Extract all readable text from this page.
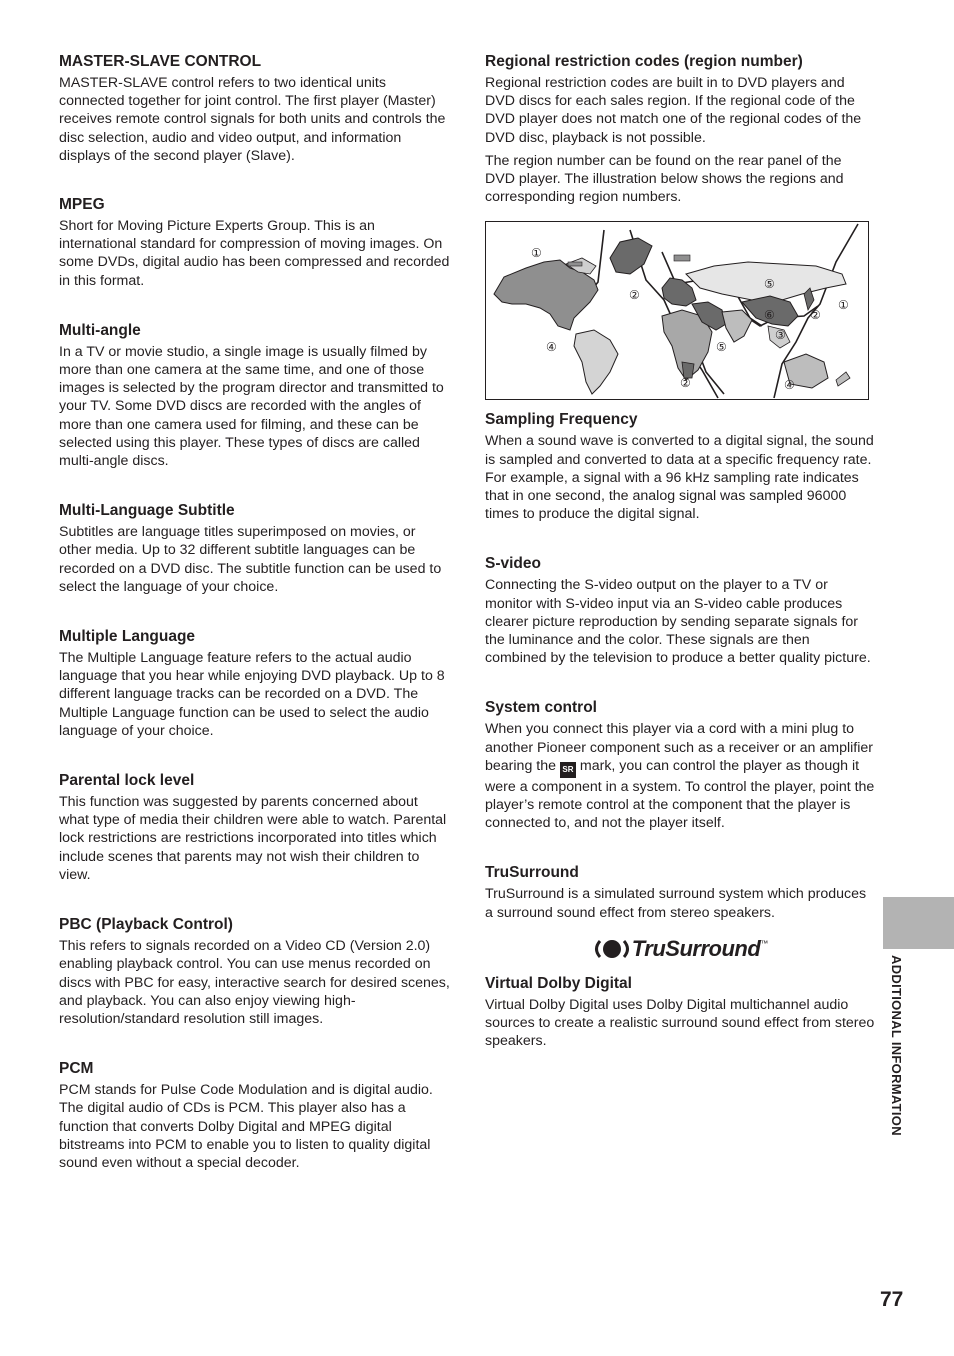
MASTER-SLAVE CONTROL

MASTER-SLAVE control refers to two identical units connected together for joint control. The first player (Master) receives remote control signals for both units and controls the disc selection, audio and video output, and information displays of the second player (Slave).

MPEG

Short for Moving Picture Experts Group. This is an international standard for compression of moving images. On some DVDs, digital audio has been compressed and recorded in this format.

Multi-angle

In a TV or movie studio, a single image is usually filmed by more than one camera at the same time, and one of those images is selected by the program director and transmitted to your TV. Some DVD discs are recorded with the angles of more than one camera used for filming, and these can be selected using this player. These types of discs are called multi-angle discs.

Multi-Language Subtitle

Subtitles are language titles superimposed on movies, or other media. Up to 32 different subtitle languages can be recorded on a DVD disc. The subtitle function can be used to select the language of your choice.

Multiple Language

The Multiple Language feature refers to the actual audio language that you hear while enjoying DVD playback. Up to 8 different language tracks can be recorded on a DVD. The Multiple Language function can be used to select the audio language of your choice.

Parental lock level

This function was suggested by parents concerned about what type of media their children were able to watch. Parental lock restrictions are restrictions incorporated into titles which include scenes that parents may not wish their children to view.

PBC (Playback Control)

This refers to signals recorded on a Video CD (Version 2.0) enabling playback control. You can use menus recorded on discs with PBC for easy, interactive search for desired scenes, and playback. You can also enjoy viewing high-resolution/standard resolution still images.

PCM

PCM stands for Pulse Code Modulation and is digital audio. The digital audio of CDs is PCM. This player also has a function that converts Dolby Digital and MPEG digital bitstreams into PCM to enable you to listen to quality digital sound even without a special decoder.

Regional restriction codes (region number)

Regional restriction codes are built in to DVD players and DVD discs for each sales region. If the regional code of the DVD player does not match one of the regional codes of the DVD disc, playback is not possible.

The region number can be found on the rear panel of the DVD player. The illustration below shows the regions and corresponding region numbers.

①
②
⑤
⑥	②
①
③
④	⑤
②	④
Sampling Frequency

When a sound wave is converted to a digital signal, the sound is sampled and converted to data at a specific frequency rate. For example, a signal with a 96 kHz sampling rate indicates that in one second, the analog signal was sampled 96000 times to produce the digital signal.

S-video

Connecting the S-video output on the player to a TV or monitor with S-video input via an S-video cable produces clearer picture reproduction by sending separate signals for the luminance and the color. These signals are then combined by the television to produce a better quality picture.

System control

When you connect this player via a cord with a mini plug to another Pioneer component such as a receiver or an amplifier bearing the SR mark, you can control the player as though it were a component in a system. To control the player, point the player’s remote control at the component that the player is connected to, and not the player itself.

TruSurround

TruSurround is a simulated surround system which produces a surround sound effect from stereo speakers.

TruSurround ™
Virtual Dolby Digital

Virtual Dolby Digital uses Dolby Digital multichannel audio sources to create a realistic surround sound effect from stereo speakers.	ADDITIONAL INFORMATION
77
